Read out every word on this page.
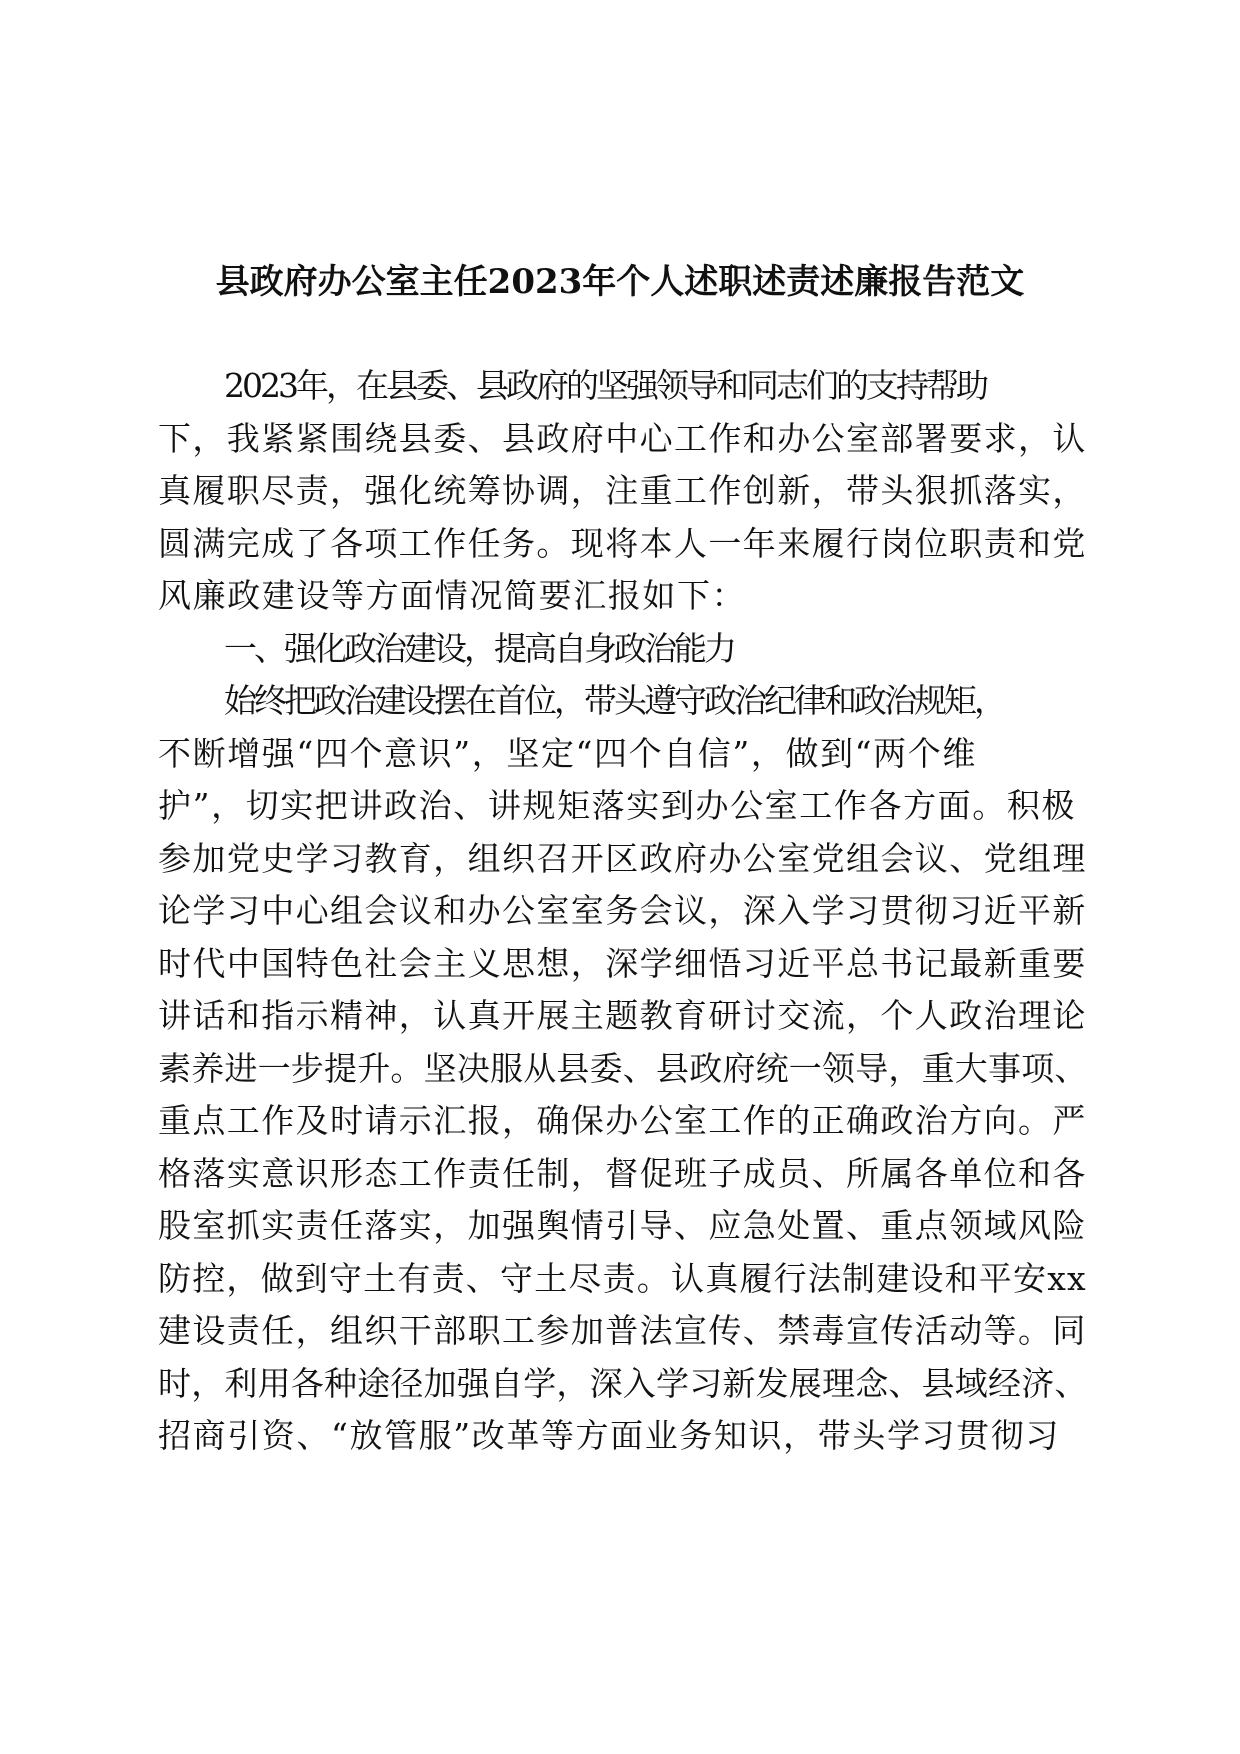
县政府办公室主任2023年个人述职述责述廉报告范文
2023年，在县委、县政府的坚强领导和同志们的支持帮助
下，我紧紧围绕县委、县政府中心工作和办公室部署要求，认
真履职尽责，强化统筹协调，注重工作创新，带头狠抓落实，
圆满完成了各项工作任务。现将本人一年来履行岗位职责和党
风廉政建设等方面情况简要汇报如下：
一、强化政治建设，提高自身政治能力
始终把政治建设摆在首位，带头遵守政治纪律和政治规矩，
不断增强“四个意识”，坚定“四个自信”，做到“两个维
护”，切实把讲政治、讲规矩落实到办公室工作各方面。积极
参加党史学习教育，组织召开区政府办公室党组会议、党组理
论学习中心组会议和办公室室务会议，深入学习贯彻习近平新
时代中国特色社会主义思想，深学细悟习近平总书记最新重要
讲话和指示精神，认真开展主题教育研讨交流，个人政治理论
素养进一步提升。坚决服从县委、县政府统一领导，重大事项、
重点工作及时请示汇报，确保办公室工作的正确政治方向。严
格落实意识形态工作责任制，督促班子成员、所属各单位和各
股室抓实责任落实，加强舆情引导、应急处置、重点领域风险
防控，做到守土有责、守土尽责。认真履行法制建设和平安xx
建设责任，组织干部职工参加普法宣传、禁毒宣传活动等。同
时，利用各种途径加强自学，深入学习新发展理念、县域经济、
招商引资、“放管服”改革等方面业务知识，带头学习贯彻习
